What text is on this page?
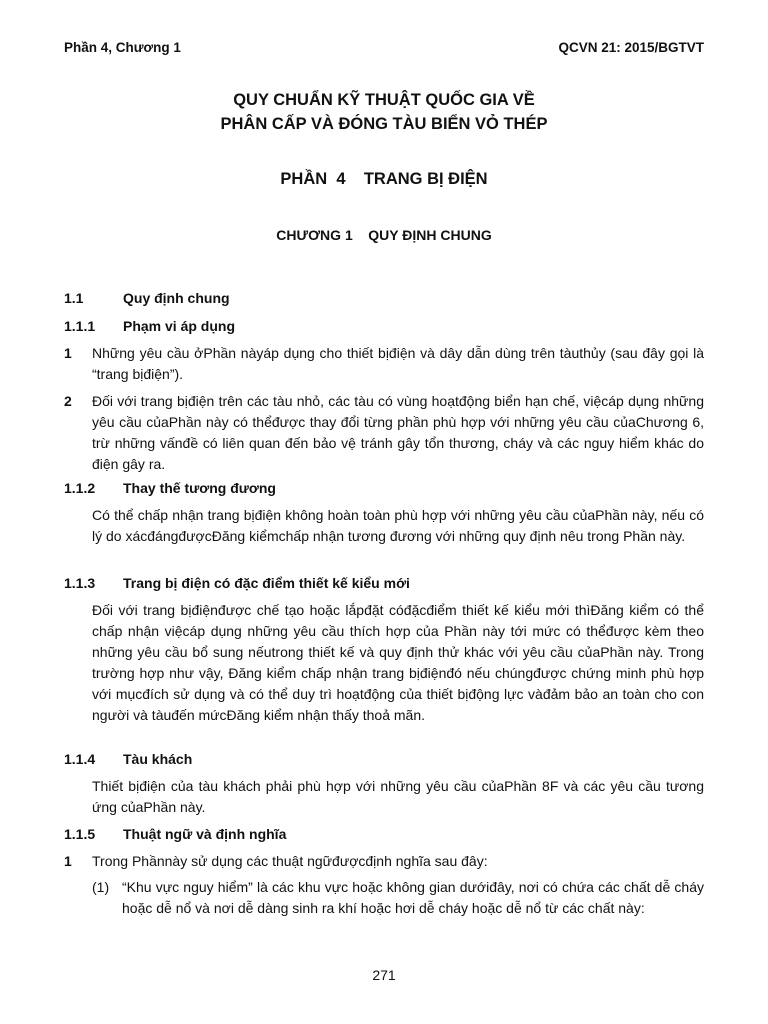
Phần 4, Chương 1	QCVN 21: 2015/BGTVT
QUY CHUẨN KỸ THUẬT QUỐC GIA VỀ
PHÂN CẤP VÀ ĐÓNG TÀU BIỂN VỎ THÉP
PHẦN  4    TRANG BỊ ĐIỆN
CHƯƠNG 1    QUY ĐỊNH CHUNG
1.1	Quy định chung
1.1.1 Phạm vi áp dụng
1 Những yêu cầu ởPhần nàyáp dụng cho thiết bịđiện và dây dẫn dùng trên tàuthủy (sau đây gọi là “trang bịđiện”).
2 Đối với trang bịđiện trên các tàu nhỏ, các tàu có vùng hoạtđộng biển hạn chế, việcáp dụng những yêu cầu củaPhần này có thểđược thay đổi từng phần phù hợp với những yêu cầu củaChương 6, trừ những vấnđề có liên quan đến bảo vệ tránh gây tổn thương, cháy và các nguy hiểm khác do điện gây ra.
1.1.2 Thay thế tương đương
Có thể chấp nhận trang bịđiện không hoàn toàn phù hợp với những yêu cầu củaPhần này, nếu có lý do xácđángđượcĐăng kiểmchấp nhận tương đương với những quy định nêu trong Phần này.
1.1.3 Trang bị điện có đặc điểm thiết kế kiểu mới
Đối với trang bịđiệnđược chế tạo hoặc lắpđặt cóđặcđiểm thiết kế kiểu mới thìĐăng kiểm có thể chấp nhận việcáp dụng những yêu cầu thích hợp của Phần này tới mức có thểđược kèm theo những yêu cầu bổ sung nếutrong thiết kế và quy định thử khác với yêu cầu củaPhần này. Trong trường hợp như vậy, Đăng kiểm chấp nhận trang bịđiệnđó nếu chúngđược chứng minh phù hợp với mụcđích sử dụng và có thể duy trì hoạtđộng của thiết bịđộng lực vàđảm bảo an toàn cho con người và tàuđến mứcĐăng kiểm nhận thấy thoả mãn.
1.1.4 Tàu khách
Thiết bịđiện của tàu khách phải phù hợp với những yêu cầu củaPhần 8F và các yêu cầu tương ứng củaPhần này.
1.1.5 Thuật ngữ và định nghĩa
1 Trong Phầnnày sử dụng các thuật ngữđượcđịnh nghĩa sau đây:
(1) “Khu vực nguy hiểm” là các khu vực hoặc không gian dướiđây, nơi có chứa các chất dễ cháy hoặc dễ nổ và nơi dễ dàng sinh ra khí hoặc hơi dễ cháy hoặc dễ nổ từ các chất này:
271
